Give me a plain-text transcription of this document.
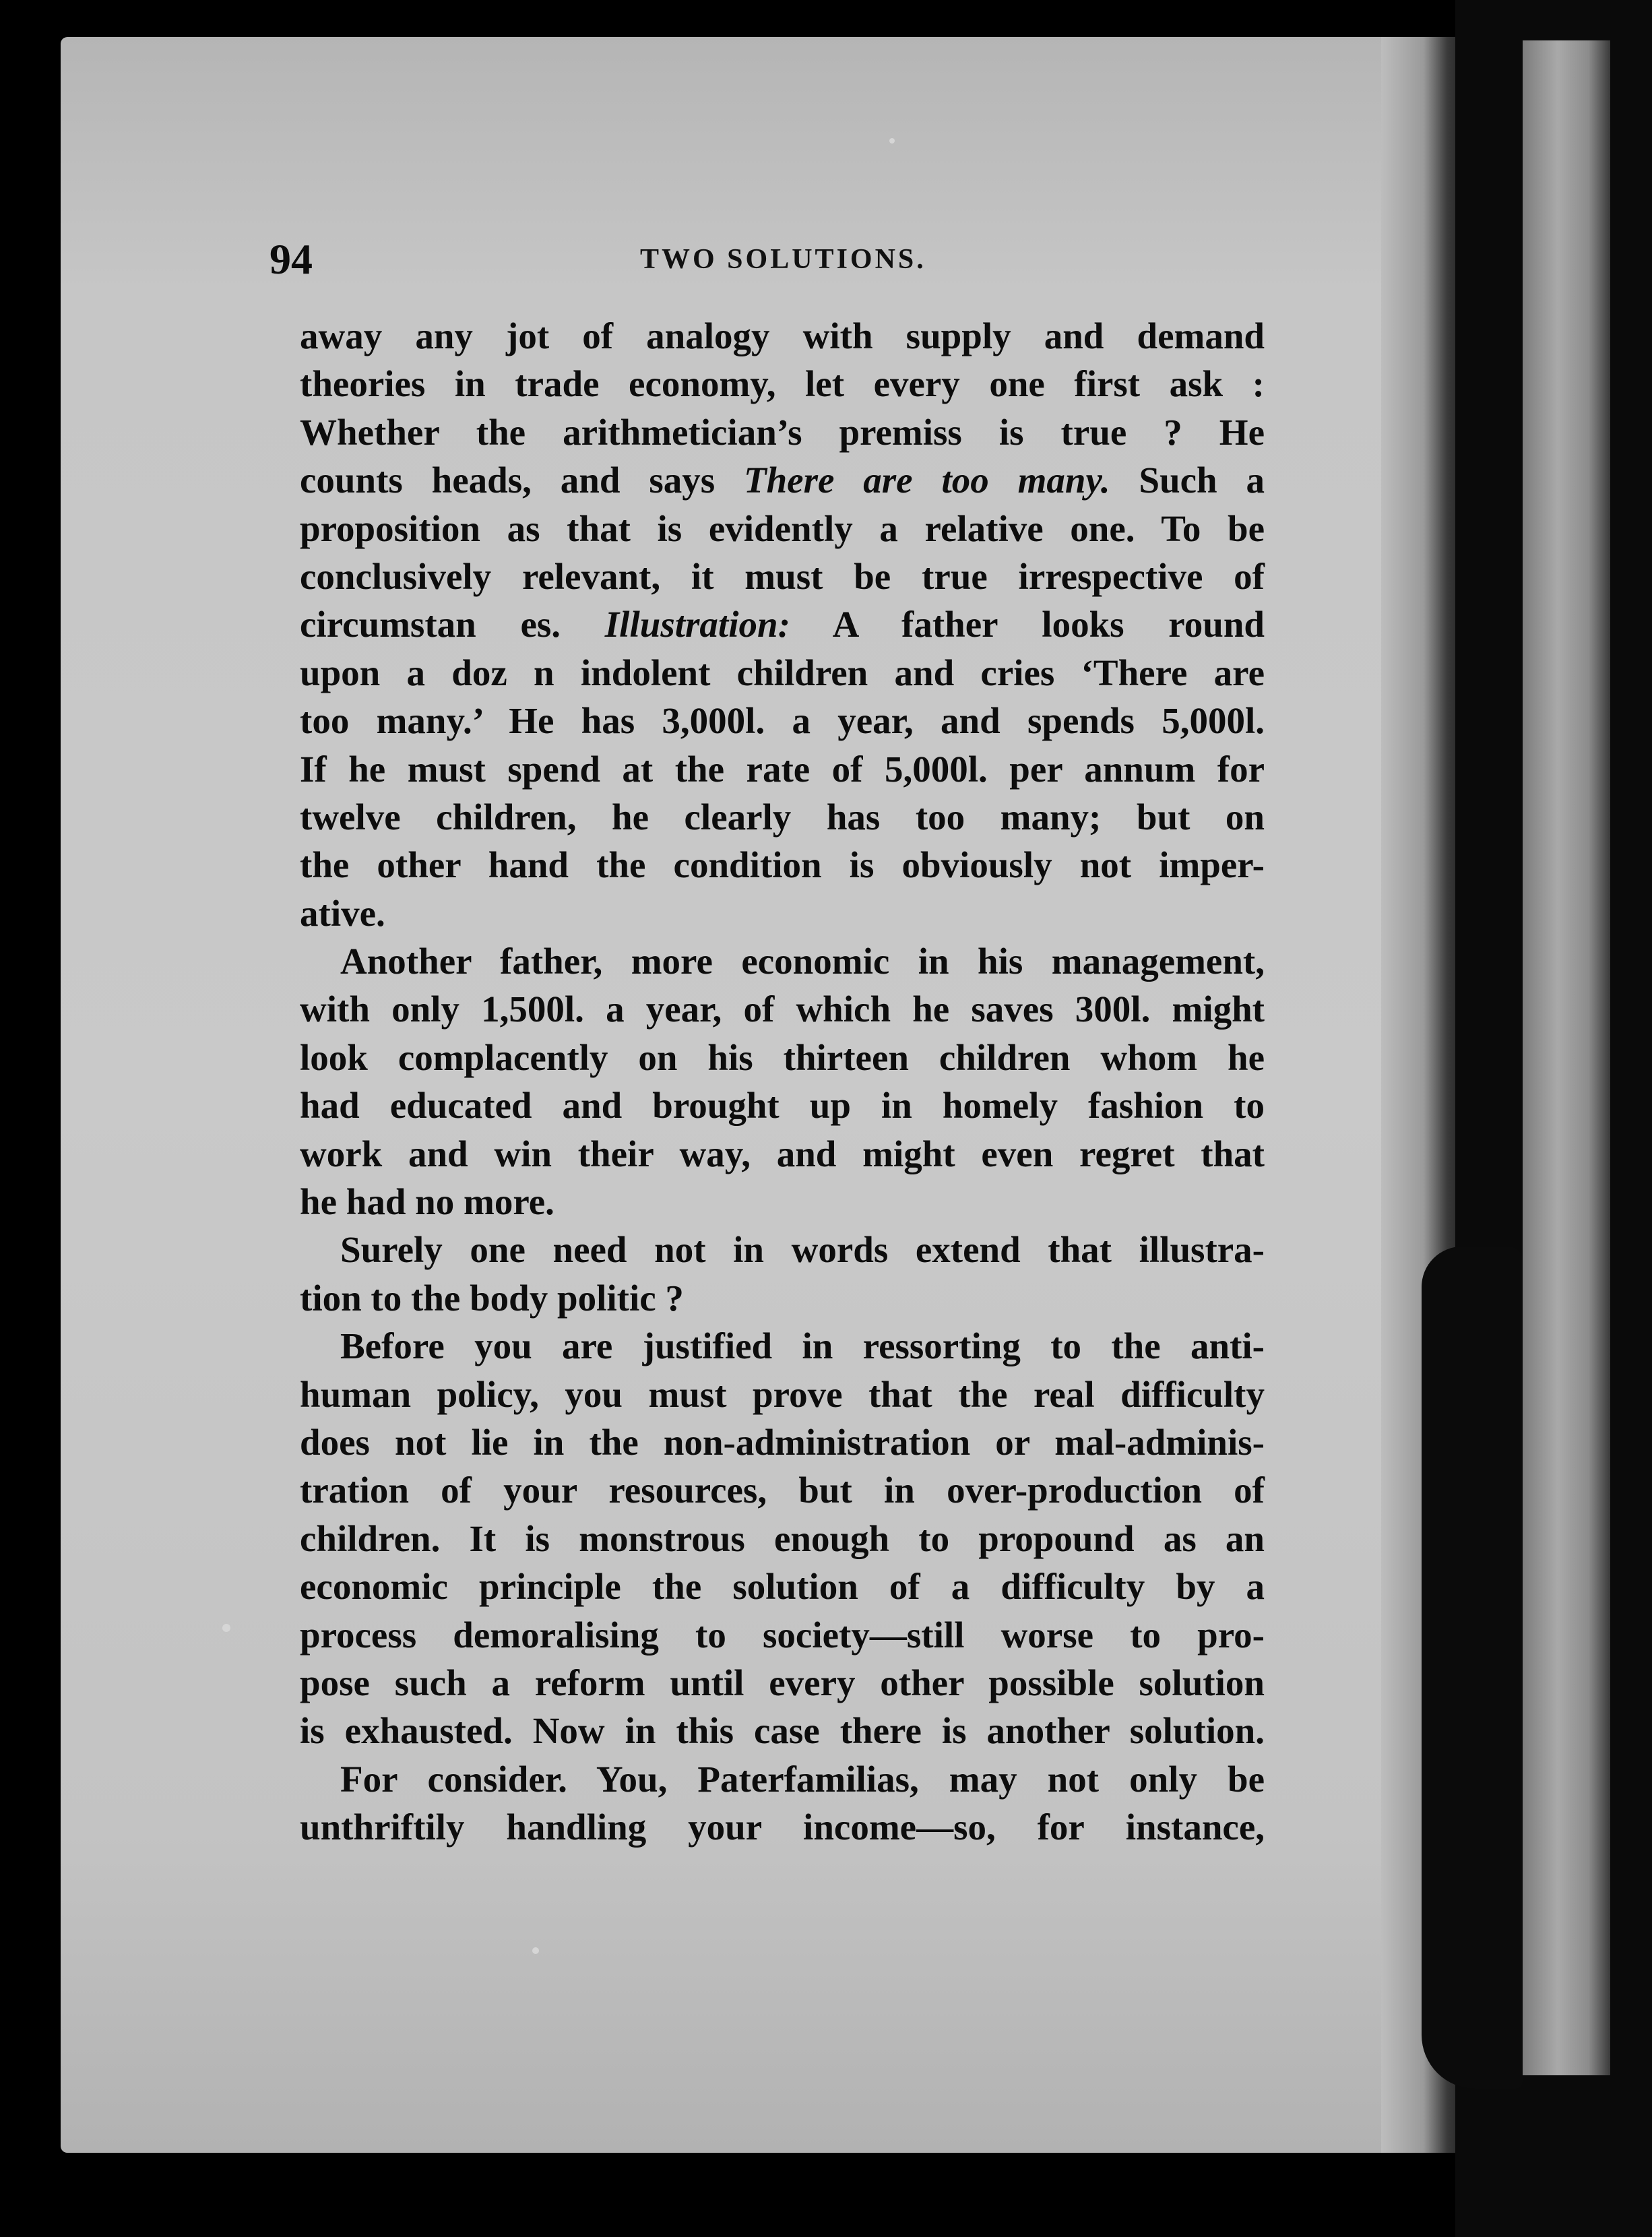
94	TWO SOLUTIONS.
away any jot of analogy with supply and demand
theories in trade economy, let every one first ask :
Whether the arithmetician’s premiss is true ? He
counts heads, and says There are too many. Such a
proposition as that is evidently a relative one. To be
conclusively relevant, it must be true irrespective of
circumstan es. Illustration: A father looks round
upon a doz n indolent children and cries ‘There are
too many.’ He has 3,000l. a year, and spends 5,000l.
If he must spend at the rate of 5,000l. per annum for
twelve children, he clearly has too many; but on
the other hand the condition is obviously not imper-
ative.
Another father, more economic in his management,
with only 1,500l. a year, of which he saves 300l. might
look complacently on his thirteen children whom he
had educated and brought up in homely fashion to
work and win their way, and might even regret that
he had no more.
Surely one need not in words extend that illustra-
tion to the body politic ?
Before you are justified in ressorting to the anti-
human policy, you must prove that the real difficulty
does not lie in the non-administration or mal-adminis-
tration of your resources, but in over-production of
children. It is monstrous enough to propound as an
economic principle the solution of a difficulty by a
process demoralising to society—still worse to pro-
pose such a reform until every other possible solution
is exhausted. Now in this case there is another solution.
For consider. You, Paterfamilias, may not only be
unthriftily handling your income—so, for instance,
